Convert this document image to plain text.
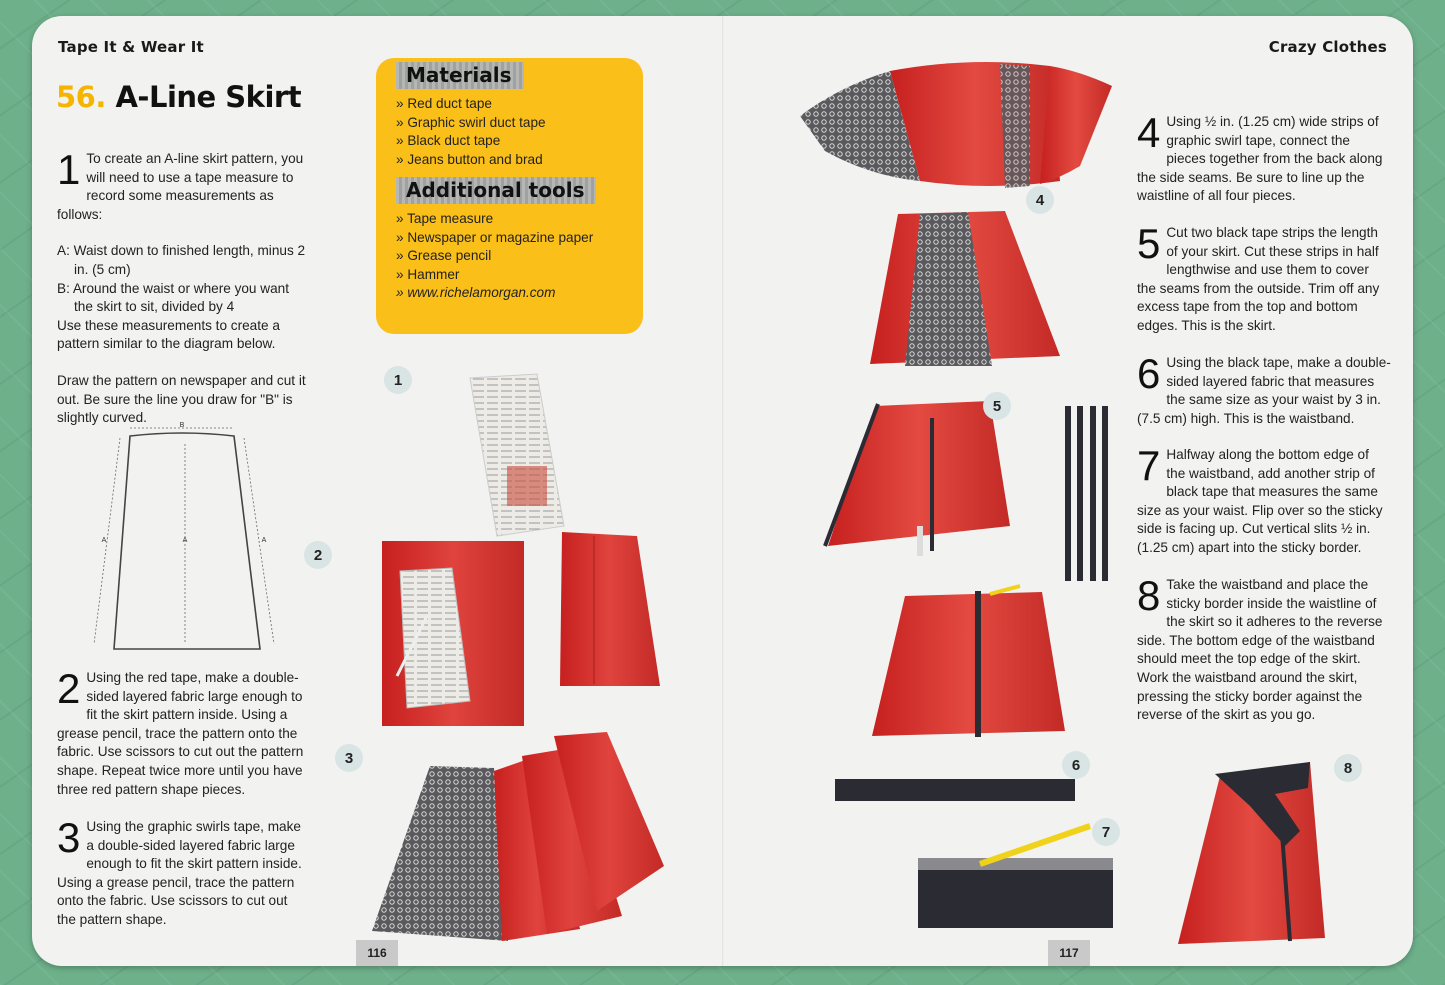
Tape It & Wear It	Crazy Clothes
56. A-Line Skirt
1 To create an A-line skirt pattern, you will need to use a tape measure to record some measurements as follows:

A: Waist down to finished length, minus 2 in. (5 cm)

B: Around the waist or where you want the skirt to sit, divided by 4

Use these measurements to create a pattern similar to the diagram below.

Draw the pattern on newspaper and cut it out. Be sure the line you draw for "B" is slightly curved.

B
A
A	A
2 Using the red tape, make a double-sided layered fabric large enough to fit the skirt pattern inside. Using a grease pencil, trace the pattern onto the fabric. Use scissors to cut out the pattern shape. Repeat twice more until you have three red pattern shape pieces.
3 Using the graphic swirls tape, make a double-sided layered fabric large enough to fit the skirt pattern inside. Using a grease pencil, trace the pattern onto the fabric. Use scissors to cut out the pattern shape.
Materials
» Red duct tape
» Graphic swirl duct tape
» Black duct tape
» Jeans button and brad
Additional tools
» Tape measure
» Newspaper or magazine paper
» Grease pencil
» Hammer
» www.richelamorgan.com
1
2
3
4
5
6
7
8
4 Using ½ in. (1.25 cm) wide strips of graphic swirl tape, connect the pieces together from the back along the side seams. Be sure to line up the waistline of all four pieces.
5 Cut two black tape strips the length of your skirt. Cut these strips in half lengthwise and use them to cover the seams from the outside. Trim off any excess tape from the top and bottom edges. This is the skirt.
6 Using the black tape, make a double-sided layered fabric that measures the same size as your waist by 3 in. (7.5 cm) high. This is the waistband.
7 Halfway along the bottom edge of the waistband, add another strip of black tape that measures the same size as your waist. Flip over so the sticky side is facing up. Cut vertical slits ½ in. (1.25 cm) apart into the sticky border.
8 Take the waistband and place the sticky border inside the waistline of the skirt so it adheres to the reverse side. The bottom edge of the waistband should meet the top edge of the skirt. Work the waistband around the skirt, pressing the sticky border against the reverse of the skirt as you go.
116	117
